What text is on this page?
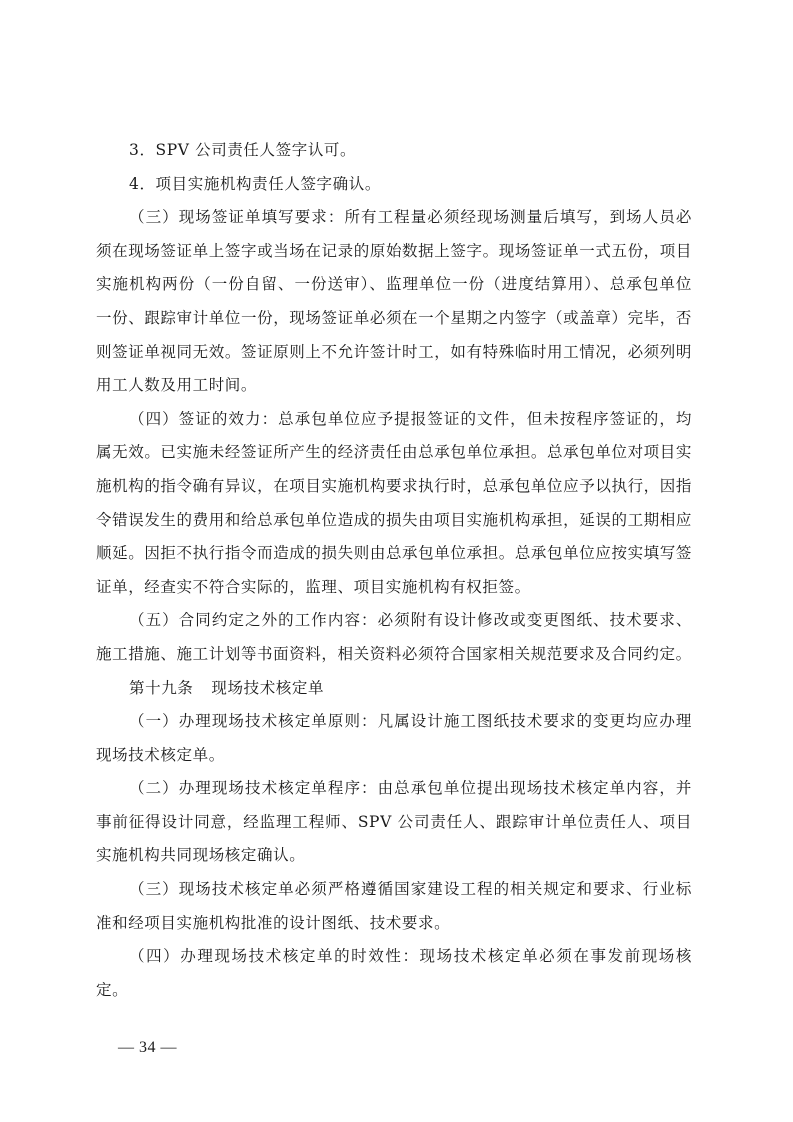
3．SPV 公司责任人签字认可。

4．项目实施机构责任人签字确认。

（三）现场签证单填写要求：所有工程量必须经现场测量后填写，到场人员必须在现场签证单上签字或当场在记录的原始数据上签字。现场签证单一式五份，项目实施机构两份（一份自留、一份送审）、监理单位一份（进度结算用）、总承包单位一份、跟踪审计单位一份，现场签证单必须在一个星期之内签字（或盖章）完毕，否则签证单视同无效。签证原则上不允许签计时工，如有特殊临时用工情况，必须列明用工人数及用工时间。

（四）签证的效力：总承包单位应予提报签证的文件，但未按程序签证的，均属无效。已实施未经签证所产生的经济责任由总承包单位承担。总承包单位对项目实施机构的指令确有异议，在项目实施机构要求执行时，总承包单位应予以执行，因指令错误发生的费用和给总承包单位造成的损失由项目实施机构承担，延误的工期相应顺延。因拒不执行指令而造成的损失则由总承包单位承担。总承包单位应按实填写签证单，经查实不符合实际的，监理、项目实施机构有权拒签。

（五）合同约定之外的工作内容：必须附有设计修改或变更图纸、技术要求、施工措施、施工计划等书面资料，相关资料必须符合国家相关规范要求及合同约定。

第十九条 现场技术核定单

（一）办理现场技术核定单原则：凡属设计施工图纸技术要求的变更均应办理现场技术核定单。

（二）办理现场技术核定单程序：由总承包单位提出现场技术核定单内容，并事前征得设计同意，经监理工程师、SPV 公司责任人、跟踪审计单位责任人、项目实施机构共同现场核定确认。

（三）现场技术核定单必须严格遵循国家建设工程的相关规定和要求、行业标准和经项目实施机构批准的设计图纸、技术要求。

（四）办理现场技术核定单的时效性：现场技术核定单必须在事发前现场核定。

— 34 —
